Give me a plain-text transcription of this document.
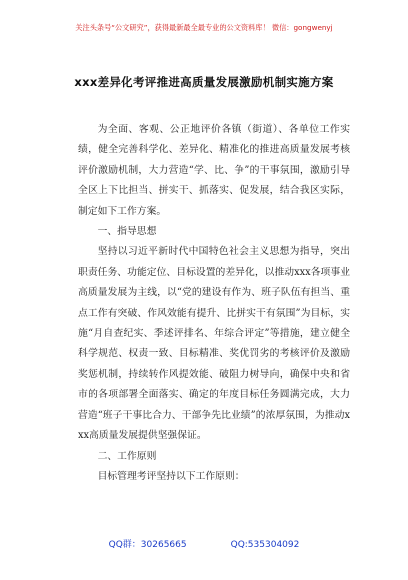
关注头条号“公文研究”，获得最新最全最专业的公文资料库！ 微信：gongwenyj
xxx差异化考评推进高质量发展激励机制实施方案

为全面、客观、公正地评价各镇（街道）、各单位工作实绩，健全完善科学化、差异化、精准化的推进高质量发展考核评价激励机制，大力营造“学、比、争”的干事氛围，激励引导全区上下比担当、拼实干、抓落实、促发展，结合我区实际，制定如下工作方案。

一、指导思想

坚持以习近平新时代中国特色社会主义思想为指导，突出职责任务、功能定位、目标设置的差异化，以推动xxx各项事业高质量发展为主线，以“党的建设有作为、班子队伍有担当、重点工作有突破、作风效能有提升、比拼实干有氛围”为目标，实施“月自查纪实、季述评排名、年综合评定”等措施，建立健全科学规范、权责一致、目标精准、奖优罚劣的考核评价及激励奖惩机制，持续转作风提效能、破阻力树导向，确保中央和省市的各项部署全面落实、确定的年度目标任务圆满完成，大力营造“班子干事比合力、干部争先比业绩”的浓厚氛围，为推动xxx高质量发展提供坚强保证。

二、工作原则

目标管理考评坚持以下工作原则：

QQ群：30265665	QQ:535304092
